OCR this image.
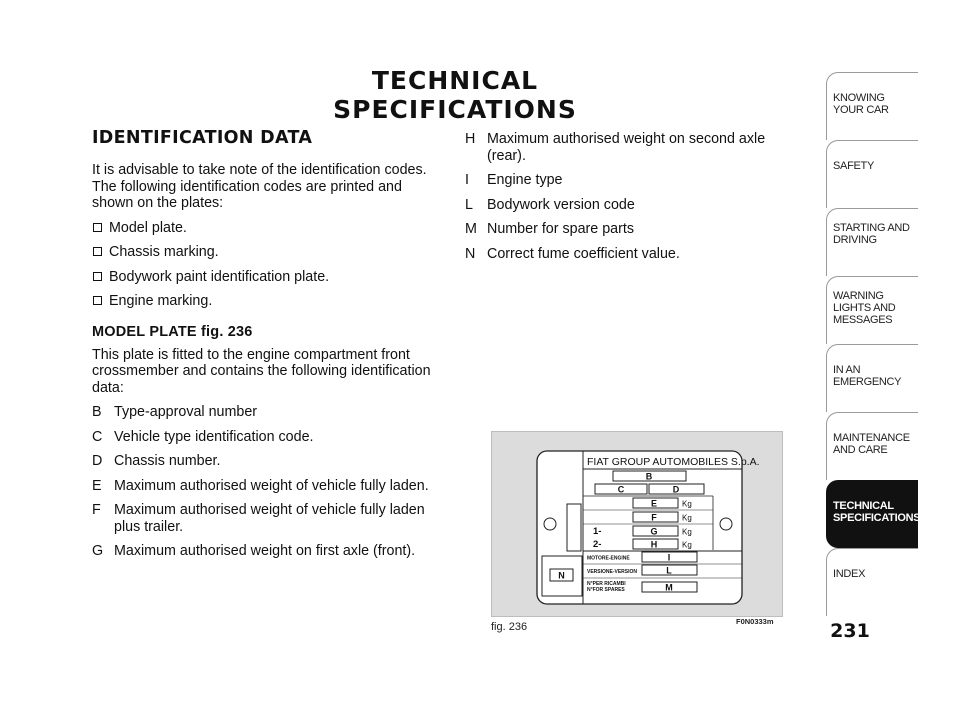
TECHNICAL SPECIFICATIONS
IDENTIFICATION DATA

It is advisable to take note of the identification codes. The following identification codes are printed and shown on the plates:

Model plate.
Chassis marking.
Bodywork paint identification plate.
Engine marking.
MODEL PLATE fig. 236

This plate is fitted to the engine compartment front crossmember and contains the following identification data:

B Type-approval number
C Vehicle type identification code.
D Chassis number.
E Maximum authorised weight of vehicle fully laden.
F Maximum authorised weight of vehicle fully laden plus trailer.
G Maximum authorised weight on first axle (front).
H Maximum authorised weight on second axle (rear).
I	Engine type
L Bodywork version code
M Number for spare parts
N Correct fume coefficient value.
N
FIAT GROUP AUTOMOBILES S.p.A.
B
C	D
E	Kg
F	Kg
1-	G	Kg
2-	H	Kg
MOTORE-ENGINE	I
VERSIONE-VERSION	L
N°PER RICAMBI
N°FOR SPARES	M
fig. 236	F0N0333m
KNOWING YOUR CAR
SAFETY
STARTING AND DRIVING
WARNING LIGHTS AND MESSAGES
IN AN EMERGENCY
MAINTENANCE AND CARE
TECHNICAL SPECIFICATIONS
INDEX
231
